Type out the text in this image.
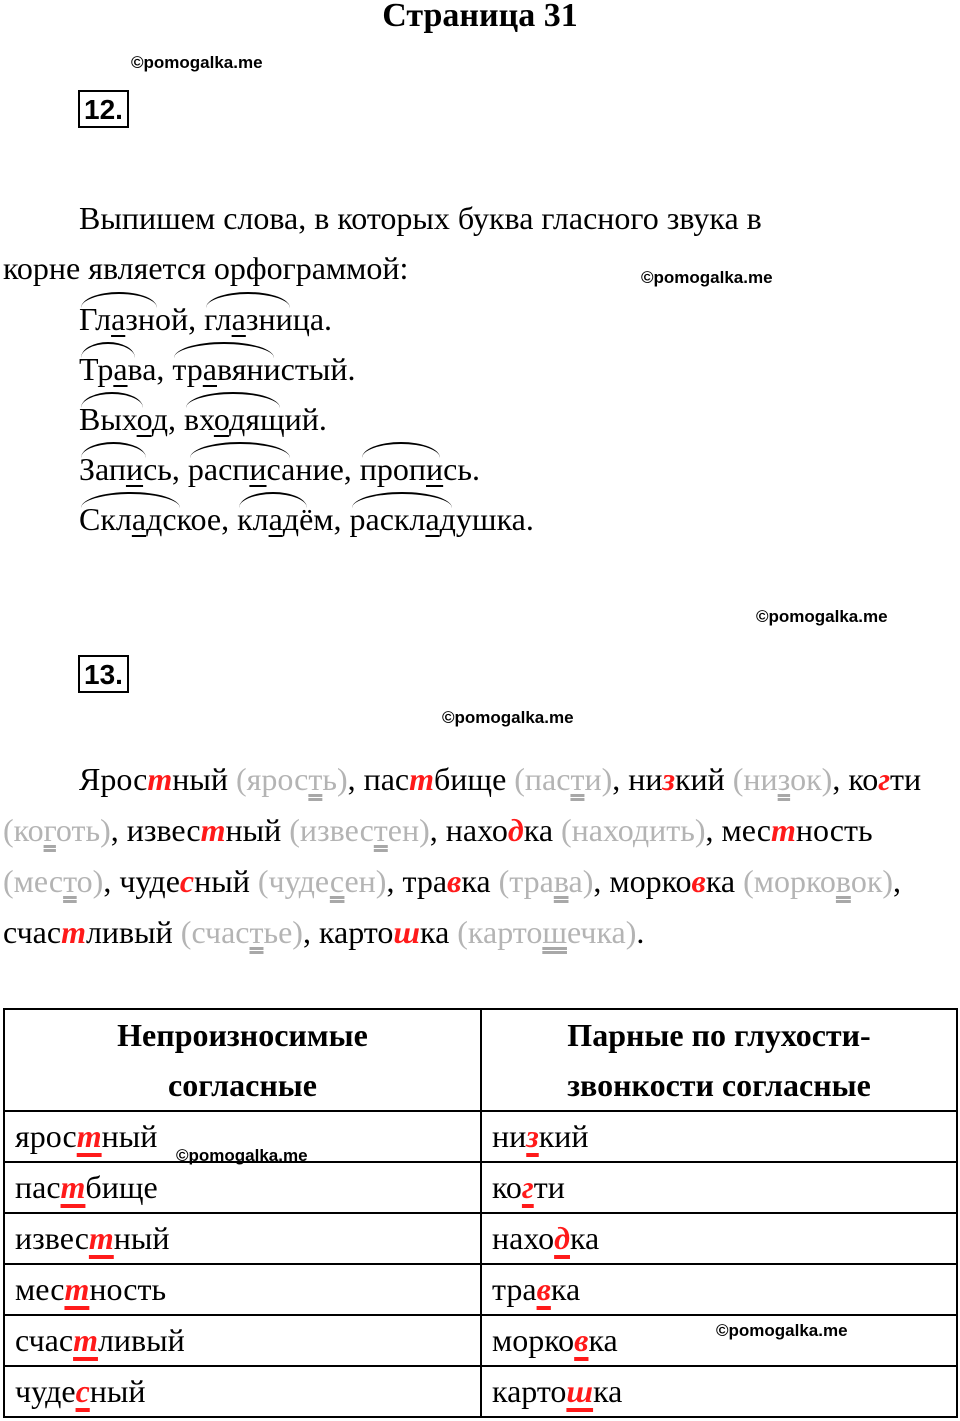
Страница 31
©pomogalka.me
12.
Выпишем слова, в которых буква гласного звука в
корне является орфограммой:	©pomogalka.me
Глазной
, глазница
.
Трава
, травянистый
.
Выход
, входящий
.
Запись
, расписание
, пропись
.
Складское
, кладём
, раскладушка
.
©pomogalka.me
13.
©pomogalka.me
Яростный (ярость), пастбище (пасти), низкий (низок), когти (коготь), известный (известен), находка (находить), местность (место), чудесный (чудесен), травка (трава), морковка (морковок), счастливый (счастье), картошка (картошечка).
Непроизносимые
согласные	Парные по глухости-
звонкости согласные
яростный	низкий
пастбище	когти
известный	находка
местность	травка
счастливый	морковка
чудесный	картошка
©pomogalka.me
©pomogalka.me
